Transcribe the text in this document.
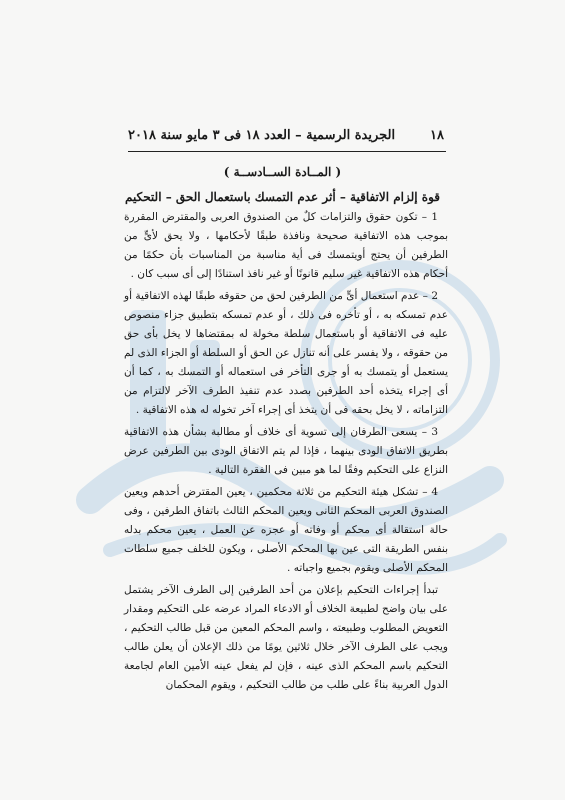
١٨
الجريدة الرسمية – العدد ١٨ فى ٣ مايو سنة ٢٠١٨
( المــادة الســادســة )
قوة إلزام الاتفاقية – أثر عدم التمسك باستعمال الحق – التحكيم

1 – تكون حقوق والتزامات كلٌ من الصندوق العربى والمقترض المقررة بموجب هذه الاتفاقية صحيحة ونافذة طبقًا لأحكامها ، ولا يحق لأىٍّ من الطرفين أن يحتج أويتمسك فى أية مناسبة من المناسبات بأن حكمًا من أحكام هذه الاتفاقية غير سليم قانونًا أو غير نافذ استنادًا إلى أى سبب كان .

2 – عدم استعمال أىٍّ من الطرفين لحق من حقوقه طبقًا لهذه الاتفاقية أو عدم تمسكه به ، أو تأخره فى ذلك ، أو عدم تمسكه بتطبيق جزاء منصوص عليه فى الاتفاقية أو باستعمال سلطة مخولة له بمقتضاها لا يخل بأى حق من حقوقه ، ولا يفسر على أنه تنازل عن الحق أو السلطة أو الجزاء الذى لم يستعمل أو يتمسك به أو جرى التأخر فى استعماله أو التمسك به ، كما أن أى إجراء يتخذه أحد الطرفين بصدد عدم تنفيذ الطرف الآخر لالتزام من التزاماته ، لا يخل بحقه فى أن يتخذ أى إجراء آخر تخوله له هذه الاتفاقية .

3 – يسعى الطرفان إلى تسوية أى خلاف أو مطالبة بشأن هذه الاتفاقية بطريق الاتفاق الودى بينهما ، فإذا لم يتم الاتفاق الودى بين الطرفين عرض النزاع على التحكيم وفقًا لما هو مبين فى الفقرة التالية .

4 – تشكل هيئة التحكيم من ثلاثة محكمين ، يعين المقترض أحدهم ويعين الصندوق العربى المحكم الثانى ويعين المحكم الثالث باتفاق الطرفين ، وفى حالة استقالة أى محكم أو وفاته أو عجزه عن العمل ، يعين محكم بدله بنفس الطريقة التى عين بها المحكم الأصلى ، ويكون للخلف جميع سلطات المحكم الأصلى ويقوم بجميع واجباته .

تبدأ إجراءات التحكيم بإعلان من أحد الطرفين إلى الطرف الآخر يشتمل على بيان واضح لطبيعة الخلاف أو الادعاء المراد عرضه على التحكيم ومقدار التعويض المطلوب وطبيعته ، واسم المحكم المعين من قبل طالب التحكيم ، ويجب على الطرف الآخر خلال ثلاثين يومًا من ذلك الإعلان أن يعلن طالب التحكيم باسم المحكم الذى عينه ، فإن لم يفعل عينه الأمين العام لجامعة الدول العربية بناءً على طلب من طالب التحكيم ، ويقوم المحكمان
